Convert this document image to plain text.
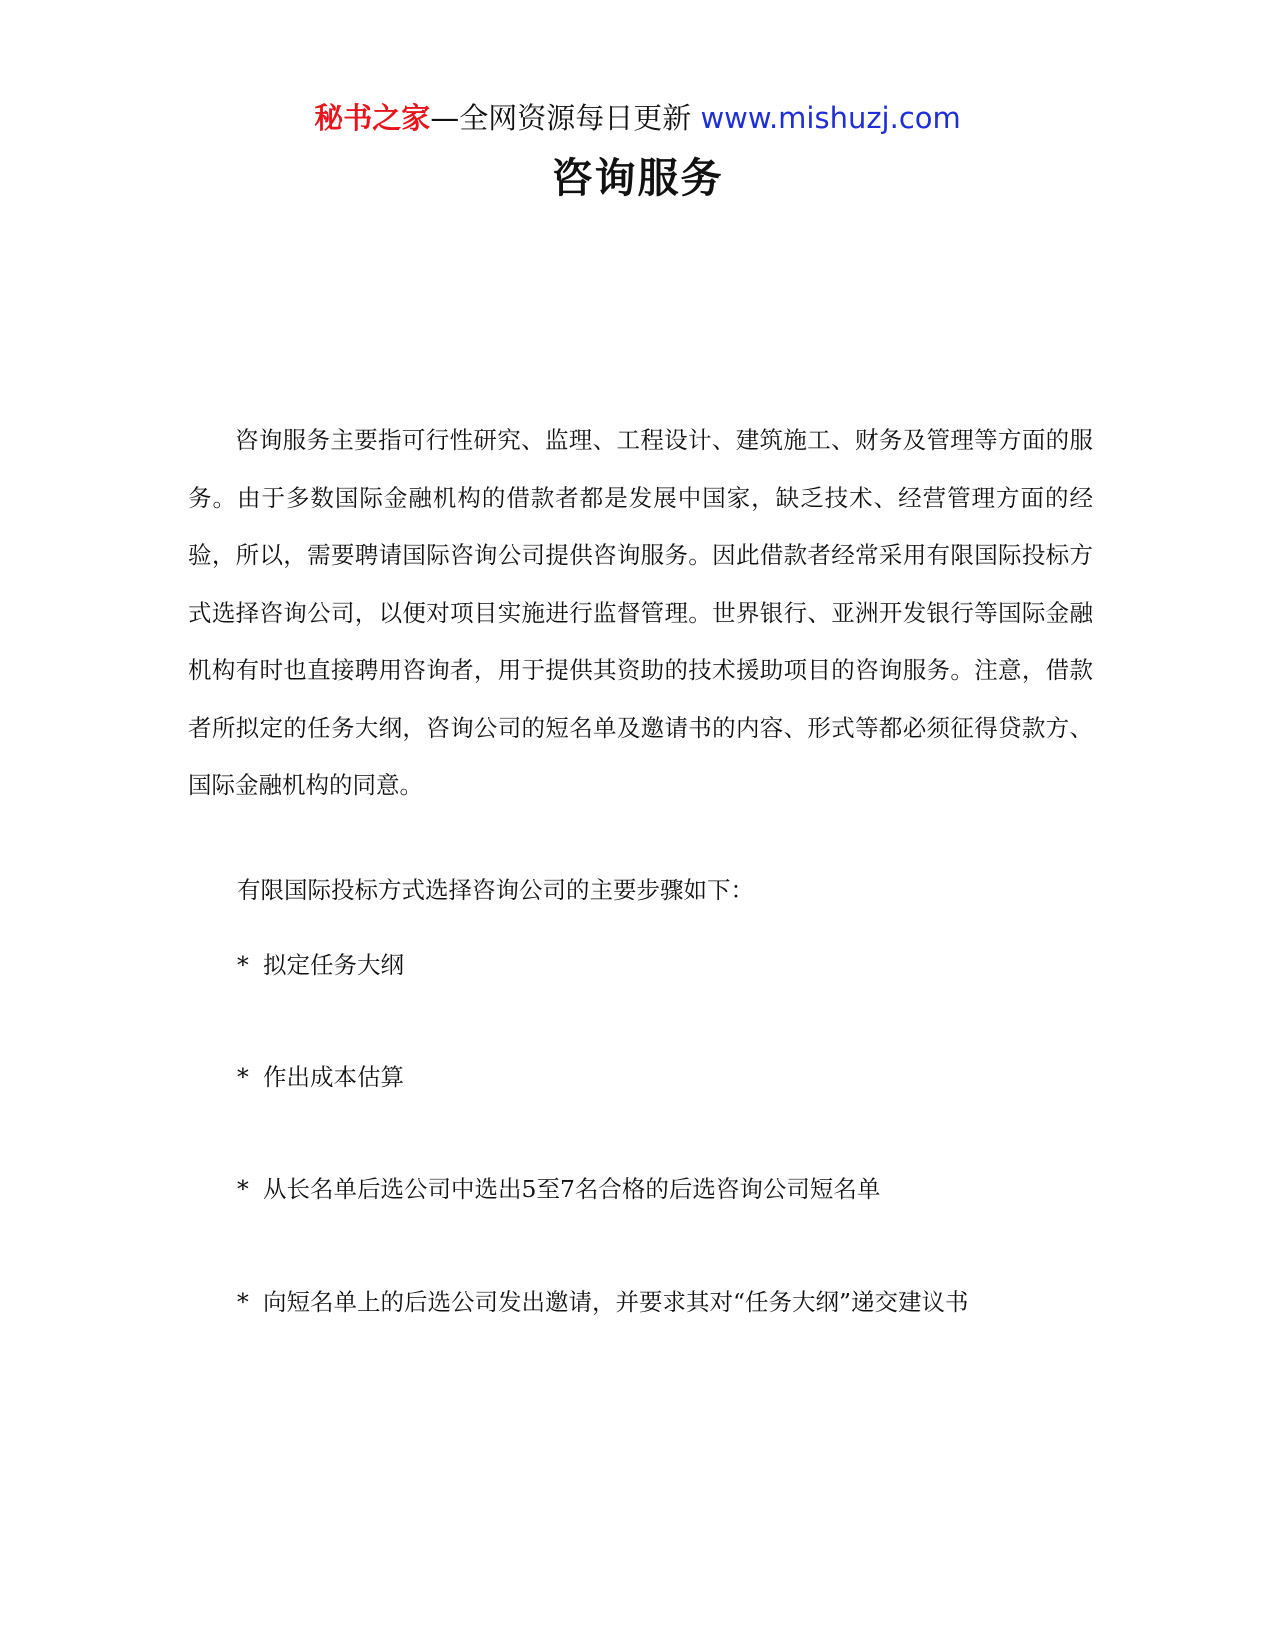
秘书之家—全网资源每日更新 www.mishuzj.com
咨询服务

咨询服务主要指可行性研究、监理、工程设计、建筑施工、财务及管理等方面的服务。由于多数国际金融机构的借款者都是发展中国家，缺乏技术、经营管理方面的经验，所以，需要聘请国际咨询公司提供咨询服务。因此借款者经常采用有限国际投标方式选择咨询公司，以便对项目实施进行监督管理。世界银行、亚洲开发银行等国际金融机构有时也直接聘用咨询者，用于提供其资助的技术援助项目的咨询服务。注意，借款者所拟定的任务大纲，咨询公司的短名单及邀请书的内容、形式等都必须征得贷款方、国际金融机构的同意。

有限国际投标方式选择咨询公司的主要步骤如下：

* 拟定任务大纲

* 作出成本估算

* 从长名单后选公司中选出5至7名合格的后选咨询公司短名单

* 向短名单上的后选公司发出邀请，并要求其对“任务大纲”递交建议书
